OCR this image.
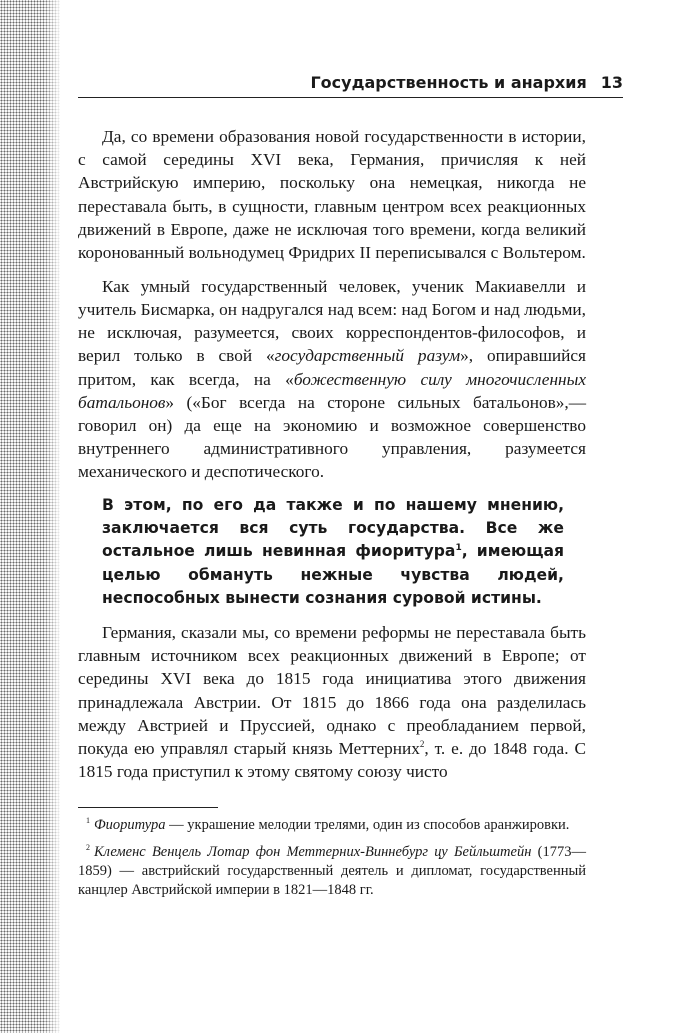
Государственность и анархия 13

Да, со времени образования новой государственности в истории, с самой середины XVI века, Германия, причисляя к ней Австрийскую империю, поскольку она немецкая, никогда не переставала быть, в сущности, главным центром всех реакционных движений в Европе, даже не исключая того времени, когда великий коронованный вольнодумец Фридрих II переписывался с Вольтером.

Как умный государственный человек, ученик Макиавелли и учитель Бисмарка, он надругался над всем: над Богом и над людьми, не исключая, разумеется, своих корреспондентов-философов, и верил только в свой «государственный разум», опиравшийся притом, как всегда, на «божественную силу многочисленных батальонов» («Бог всегда на стороне сильных батальонов»,— говорил он) да еще на экономию и возможное совершенство внутреннего административного управления, разумеется механического и деспотического.

В этом, по его да также и по нашему мнению, заключается вся суть государства. Все же остальное лишь невинная фиоритура$^1$, имеющая целью обмануть нежные чувства людей, неспособных вынести сознания суровой истины.

Германия, сказали мы, со времени реформы не переставала быть главным источником всех реакционных движений в Европе; от середины XVI века до 1815 года инициатива этого движения принадлежала Австрии. От 1815 до 1866 года она разделилась между Австрией и Пруссией, однако с преобладанием первой, покуда ею управлял старый князь Меттерних$^2$, т. е. до 1848 года. С 1815 года приступил к этому святому союзу чисто

$^1$ Фиоритура — украшение мелодии трелями, один из способов аранжировки.

$^2$ Клеменс Венцель Лотар фон Меттерних-Виннебург цу Бейльштейн (1773—1859) — австрийский государственный деятель и дипломат, государственный канцлер Австрийской империи в 1821—1848 гг.
